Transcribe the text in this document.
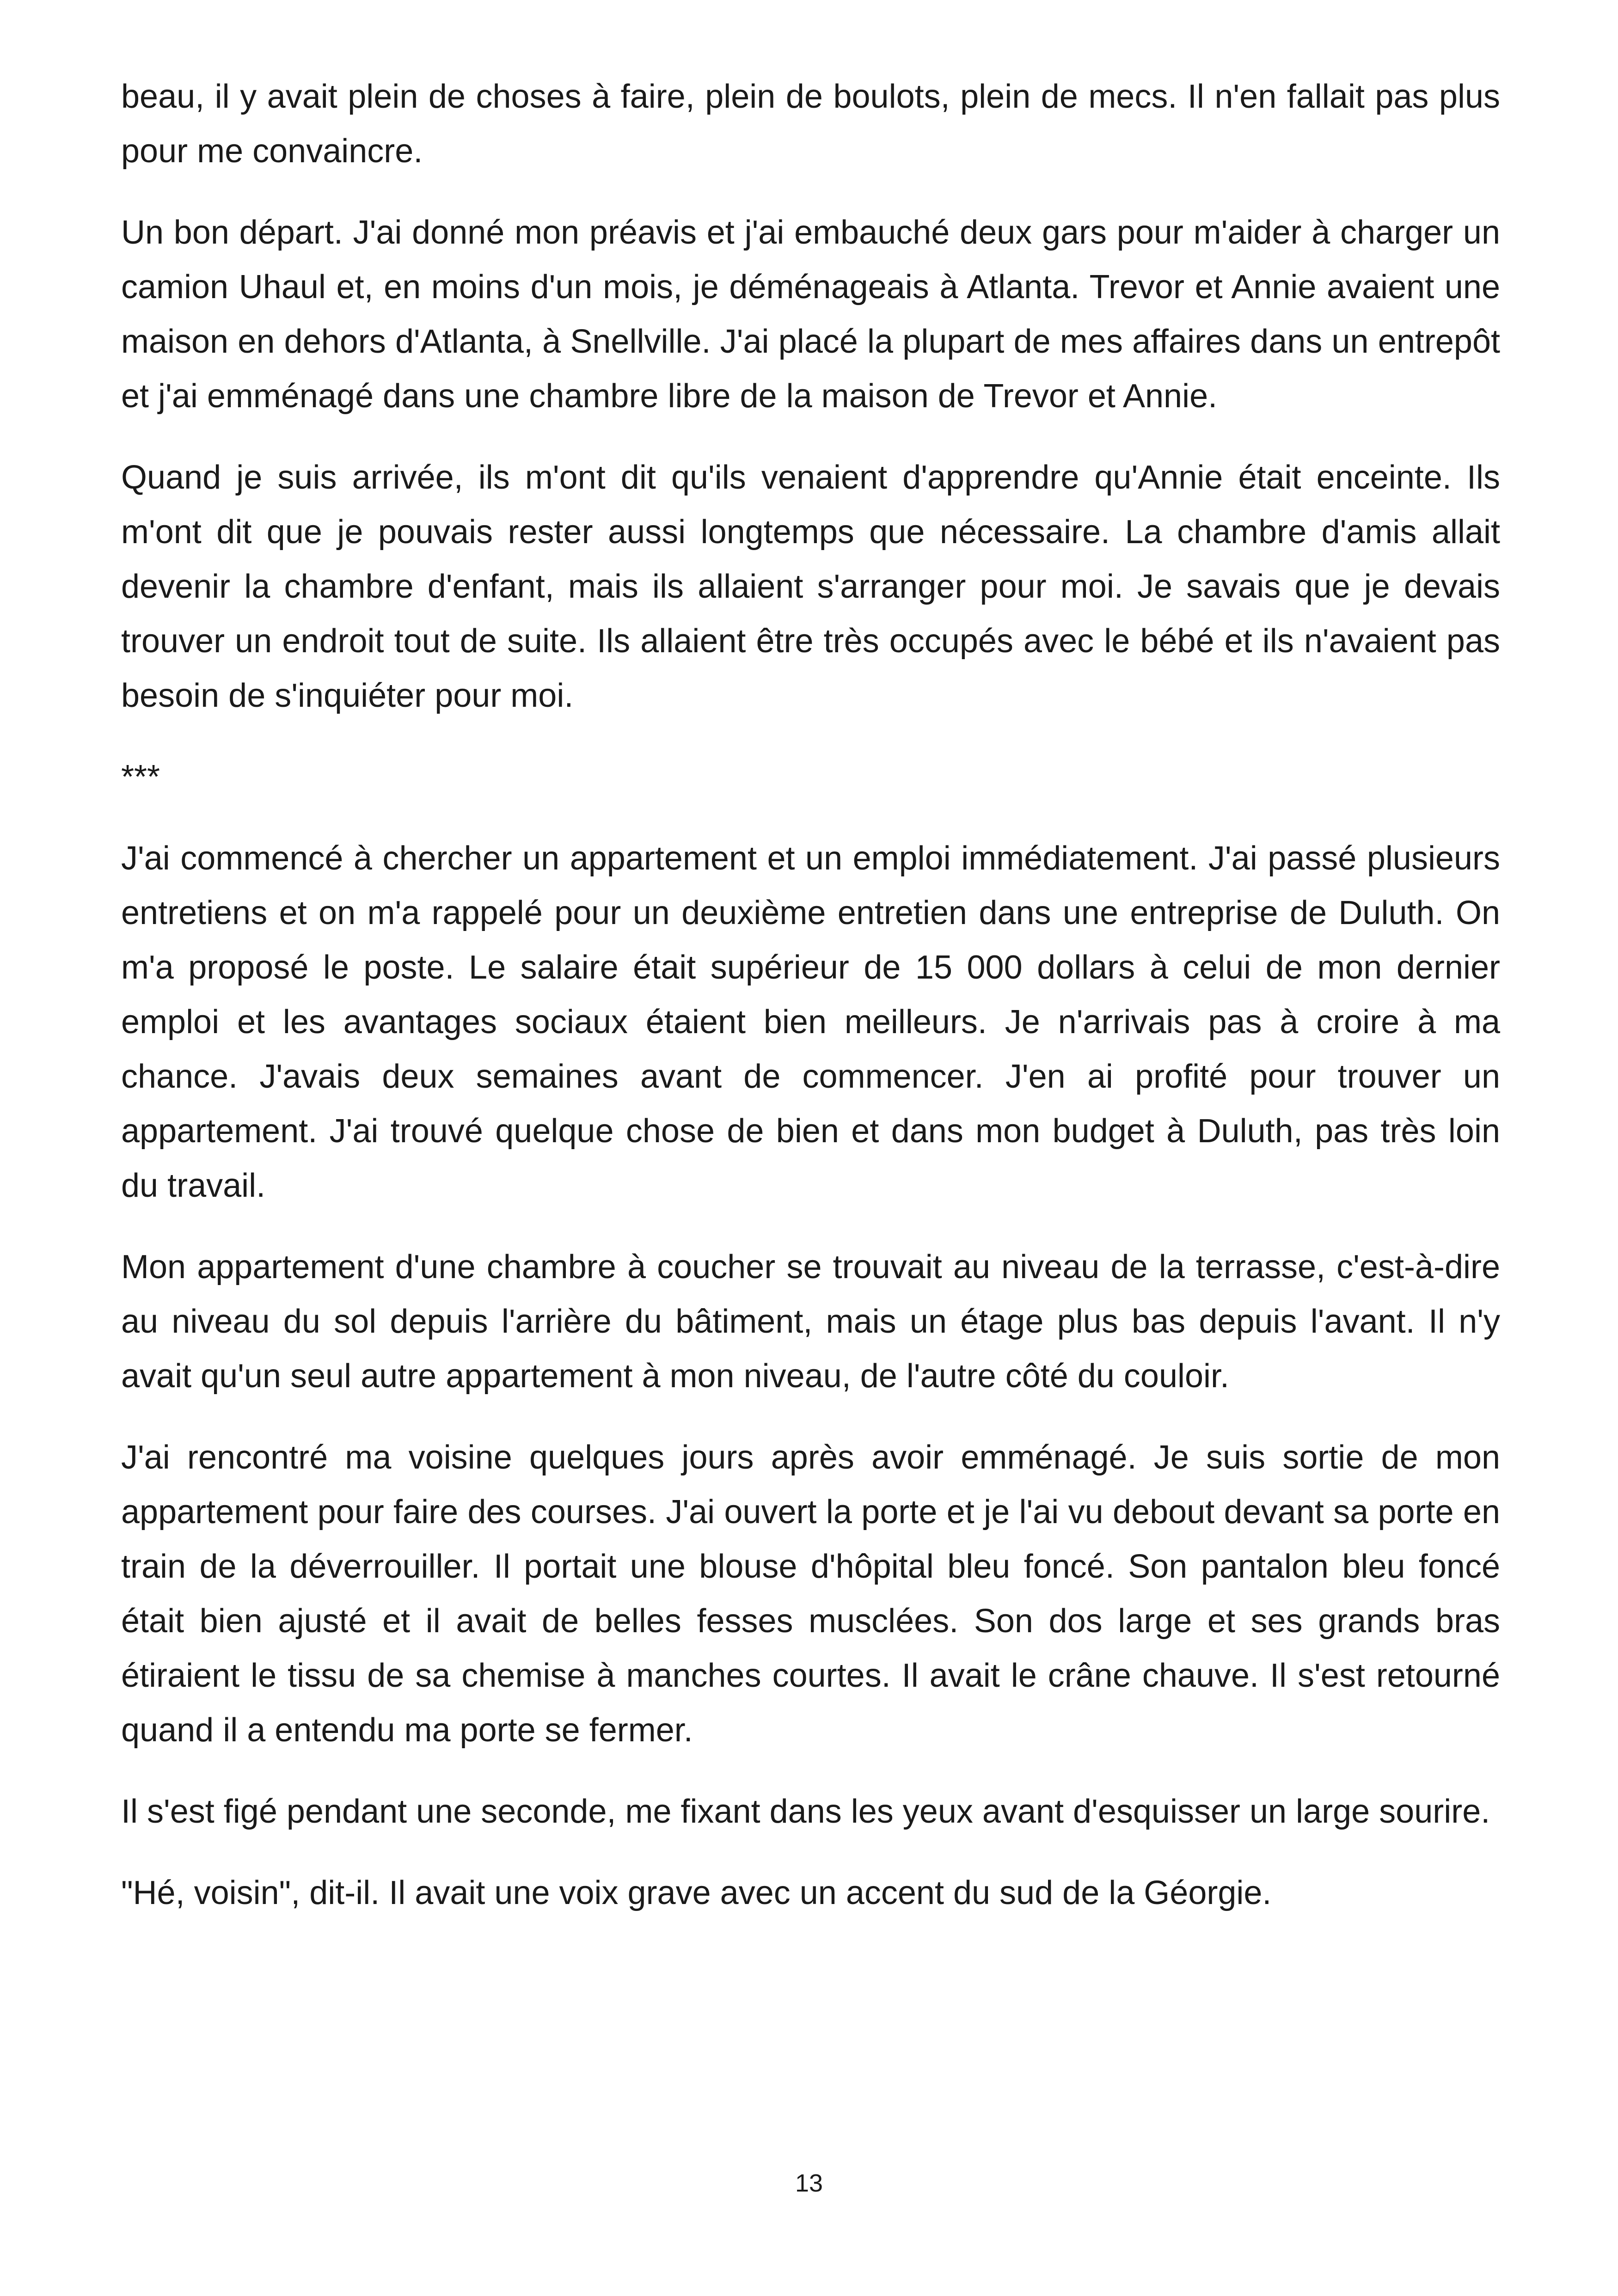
beau, il y avait plein de choses à faire, plein de boulots, plein de mecs. Il n'en fallait pas plus pour me convaincre.

Un bon départ. J'ai donné mon préavis et j'ai embauché deux gars pour m'aider à charger un camion Uhaul et, en moins d'un mois, je déménageais à Atlanta. Trevor et Annie avaient une maison en dehors d'Atlanta, à Snellville. J'ai placé la plupart de mes affaires dans un entrepôt et j'ai emménagé dans une chambre libre de la maison de Trevor et Annie.

Quand je suis arrivée, ils m'ont dit qu'ils venaient d'apprendre qu'Annie était enceinte. Ils m'ont dit que je pouvais rester aussi longtemps que nécessaire. La chambre d'amis allait devenir la chambre d'enfant, mais ils allaient s'arranger pour moi. Je savais que je devais trouver un endroit tout de suite. Ils allaient être très occupés avec le bébé et ils n'avaient pas besoin de s'inquiéter pour moi.

***

J'ai commencé à chercher un appartement et un emploi immédiatement. J'ai passé plusieurs entretiens et on m'a rappelé pour un deuxième entretien dans une entreprise de Duluth. On m'a proposé le poste. Le salaire était supérieur de 15 000 dollars à celui de mon dernier emploi et les avantages sociaux étaient bien meilleurs. Je n'arrivais pas à croire à ma chance. J'avais deux semaines avant de commencer. J'en ai profité pour trouver un appartement. J'ai trouvé quelque chose de bien et dans mon budget à Duluth, pas très loin du travail.

Mon appartement d'une chambre à coucher se trouvait au niveau de la terrasse, c'est-à-dire au niveau du sol depuis l'arrière du bâtiment, mais un étage plus bas depuis l'avant. Il n'y avait qu'un seul autre appartement à mon niveau, de l'autre côté du couloir.

J'ai rencontré ma voisine quelques jours après avoir emménagé. Je suis sortie de mon appartement pour faire des courses. J'ai ouvert la porte et je l'ai vu debout devant sa porte en train de la déverrouiller. Il portait une blouse d'hôpital bleu foncé. Son pantalon bleu foncé était bien ajusté et il avait de belles fesses musclées. Son dos large et ses grands bras étiraient le tissu de sa chemise à manches courtes. Il avait le crâne chauve. Il s'est retourné quand il a entendu ma porte se fermer.

Il s'est figé pendant une seconde, me fixant dans les yeux avant d'esquisser un large sourire.

"Hé, voisin", dit-il. Il avait une voix grave avec un accent du sud de la Géorgie.

13
